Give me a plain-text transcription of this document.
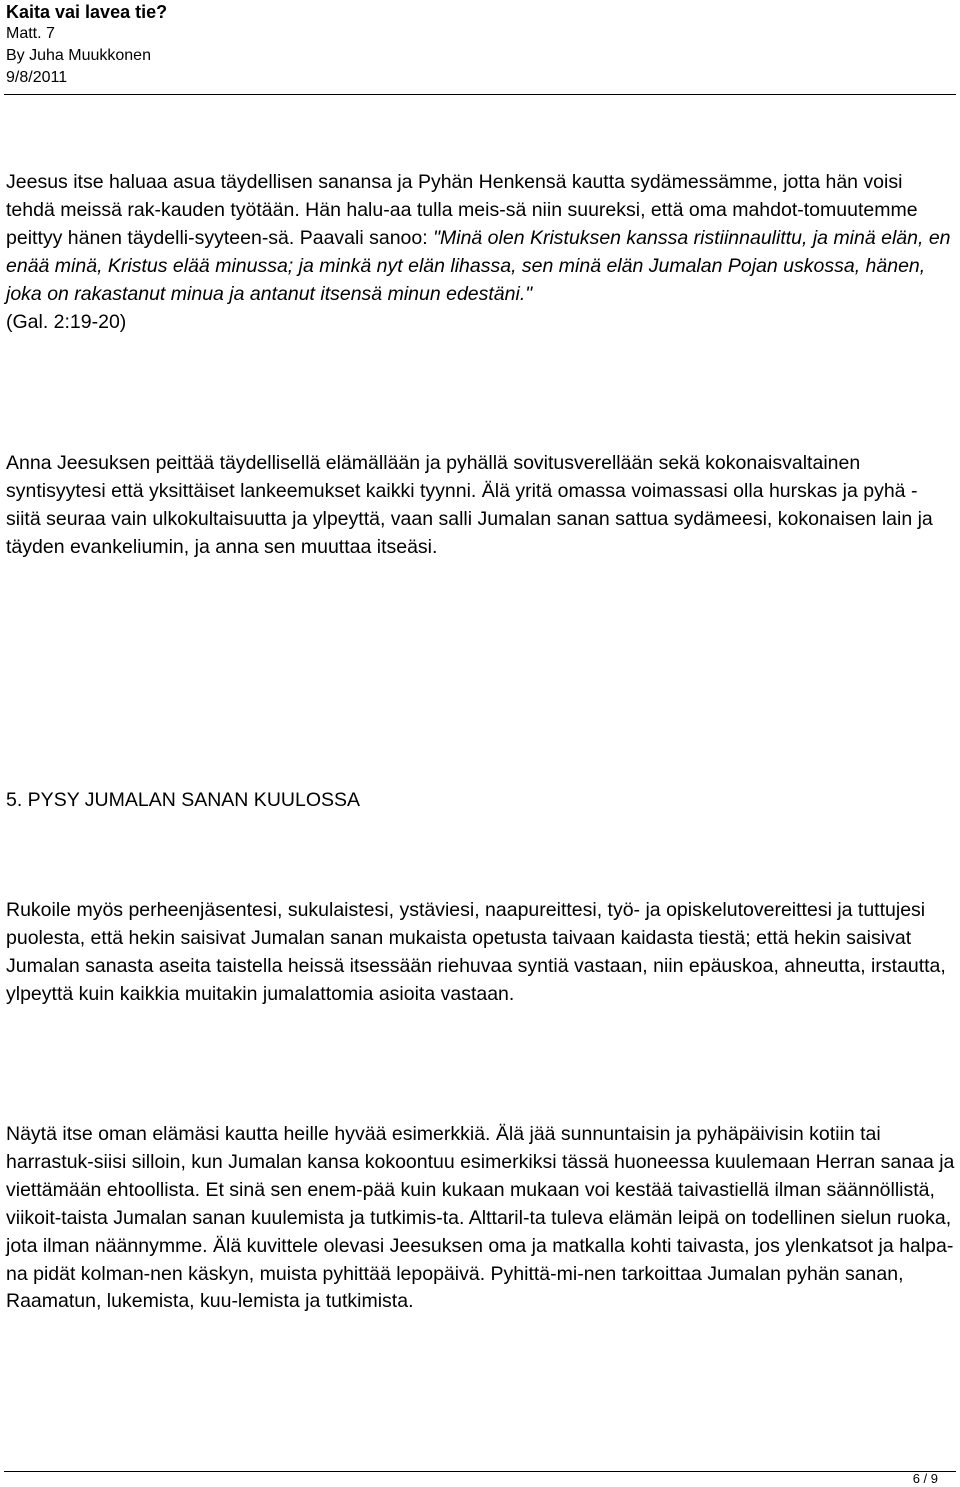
Kaita vai lavea tie?
Matt. 7
By Juha Muukkonen
9/8/2011

Jeesus itse haluaa asua täydellisen sanansa ja Pyhän Henkensä kautta sydämessämme, jotta hän voisi tehdä meissä rak-kauden työtään. Hän halu-aa tulla meis-sä niin suureksi, että oma mahdot-tomuutemme peittyy hänen täydelli-syyteen-sä. Paavali sanoo: "Minä olen Kristuksen kanssa ristiinnaulittu, ja minä elän, en enää minä, Kristus elää minussa; ja minkä nyt elän lihassa, sen minä elän Jumalan Pojan uskossa, hänen, joka on rakastanut minua ja antanut itsensä minun edestäni."
(Gal. 2:19-20)

Anna Jeesuksen peittää täydellisellä elämällään ja pyhällä sovitusverellään sekä kokonaisvaltainen syntisyytesi että yksittäiset lankeemukset kaikki tyynni. Älä yritä omassa voimassasi olla hurskas ja pyhä - siitä seuraa vain ulkokultaisuutta ja ylpeyttä, vaan salli Jumalan sanan sattua sydämeesi, kokonaisen lain ja täyden evankeliumin, ja anna sen muuttaa itseäsi.

5. PYSY JUMALAN SANAN KUULOSSA

Rukoile myös perheenjäsentesi, sukulaistesi, ystäviesi, naapureittesi, työ- ja opiskelutovereittesi ja tuttujesi puolesta, että hekin saisivat Jumalan sanan mukaista opetusta taivaan kaidasta tiestä; että hekin saisivat Jumalan sanasta aseita taistella heissä itsessään riehuvaa syntiä vastaan, niin epäuskoa, ahneutta, irstautta, ylpeyttä kuin kaikkia muitakin jumalattomia asioita vastaan.

Näytä itse oman elämäsi kautta heille hyvää esimerkkiä. Älä jää sunnuntaisin ja pyhäpäivisin kotiin tai harrastuk-siisi silloin, kun Jumalan kansa kokoontuu esimerkiksi tässä huoneessa kuulemaan Herran sanaa ja viettämään ehtoollista. Et sinä sen enem-pää kuin kukaan mukaan voi kestää taivastiellä ilman säännöllistä, viikoit-taista Jumalan sanan kuulemista ja tutkimis-ta. Alttaril-ta tuleva elämän leipä on todellinen sielun ruoka, jota ilman näännymme. Älä kuvittele olevasi Jeesuksen oma ja matkalla kohti taivasta, jos ylenkatsot ja halpa-na pidät kolman-nen käskyn, muista pyhittää lepopäivä. Pyhittä-mi-nen tarkoittaa Jumalan pyhän sanan, Raamatun, lukemista, kuu-lemista ja tutkimista.

6 / 9
